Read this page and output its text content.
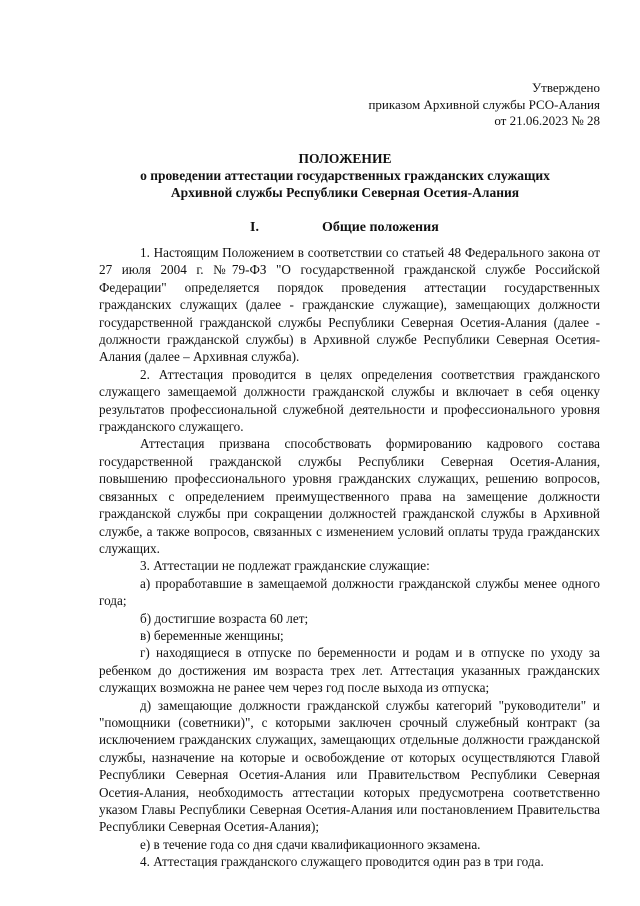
Утверждено
приказом Архивной службы РСО-Алания
от 21.06.2023 № 28
ПОЛОЖЕНИЕ
о проведении аттестации государственных гражданских служащих
Архивной службы Республики Северная Осетия-Алания
I.	Общие положения

1. Настоящим Положением в соответствии со статьей 48 Федерального закона от 27 июля 2004 г. №79-ФЗ "О государственной гражданской службе Российской Федерации" определяется порядок проведения аттестации государственных гражданских служащих (далее - гражданские служащие), замещающих должности государственной гражданской службы Республики Северная Осетия-Алания (далее - должности гражданской службы) в Архивной службе Республики Северная Осетия-Алания (далее – Архивная служба).

2. Аттестация проводится в целях определения соответствия гражданского служащего замещаемой должности гражданской службы и включает в себя оценку результатов профессиональной служебной деятельности и профессионального уровня гражданского служащего.

Аттестация призвана способствовать формированию кадрового состава государственной гражданской службы Республики Северная Осетия-Алания, повышению профессионального уровня гражданских служащих, решению вопросов, связанных с определением преимущественного права на замещение должности гражданской службы при сокращении должностей гражданской службы в Архивной службе, а также вопросов, связанных с изменением условий оплаты труда гражданских служащих.

3. Аттестации не подлежат гражданские служащие:

а) проработавшие в замещаемой должности гражданской службы менее одного года;

б) достигшие возраста 60 лет;

в) беременные женщины;

г) находящиеся в отпуске по беременности и родам и в отпуске по уходу за ребенком до достижения им возраста трех лет. Аттестация указанных гражданских служащих возможна не ранее чем через год после выхода из отпуска;

д) замещающие должности гражданской службы категорий "руководители" и "помощники (советники)", с которыми заключен срочный служебный контракт (за исключением гражданских служащих, замещающих отдельные должности гражданской службы, назначение на которые и освобождение от которых осуществляются Главой Республики Северная Осетия-Алания или Правительством Республики Северная Осетия-Алания, необходимость аттестации которых предусмотрена соответственно указом Главы Республики Северная Осетия-Алания или постановлением Правительства Республики Северная Осетия-Алания);

е) в течение года со дня сдачи квалификационного экзамена.

4. Аттестация гражданского служащего проводится один раз в три года.
